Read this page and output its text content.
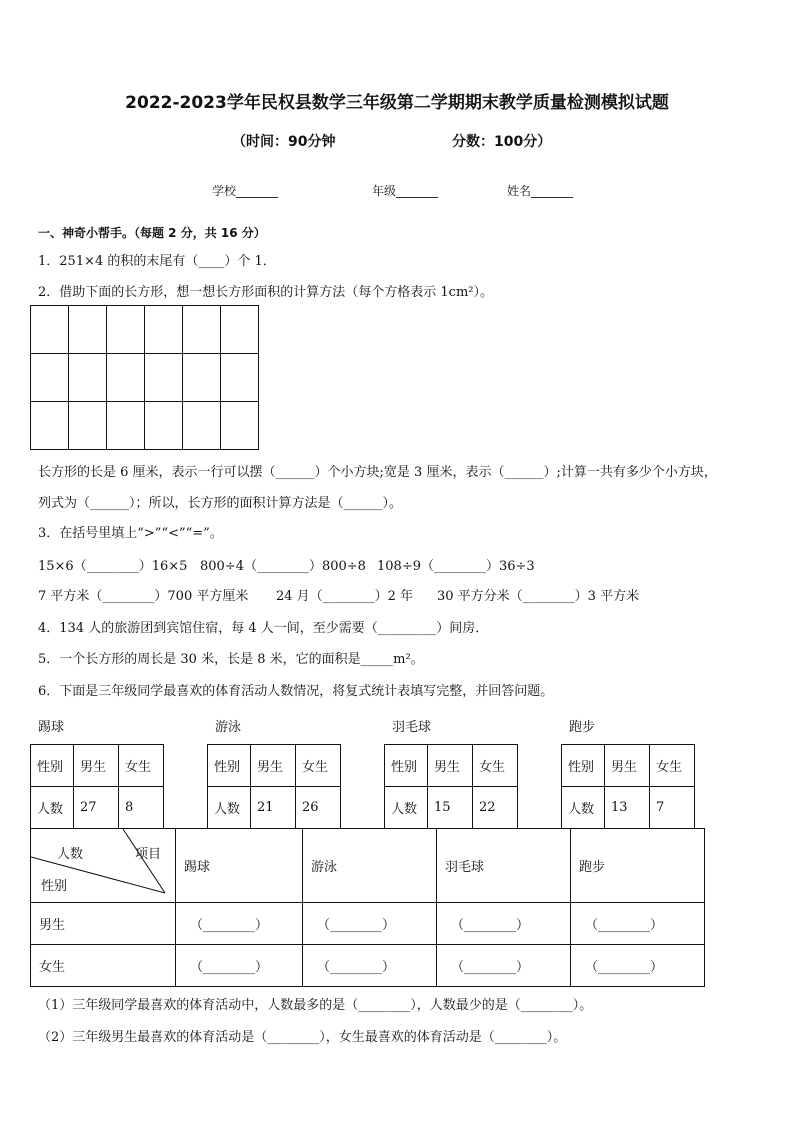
2022-2023学年民权县数学三年级第二学期期末教学质量检测模拟试题
（时间：90分钟	分数：100分）
学校_______	年级_______	姓名_______
一、神奇小帮手。（每题 2 分，共 16 分）
1．251×4 的积的末尾有（____）个 1．
2．借助下面的长方形，想一想长方形面积的计算方法（每个方格表示 1cm²）。

长方形的长是 6 厘米，表示一行可以摆（______）个小方块;宽是 3 厘米，表示（______）;计算一共有多少个小方块，
列式为（______）；所以，长方形的面积计算方法是（______）。
3．在括号里填上“>”“<”“=”。
15×6（________）16×5 800÷4（________）800÷8 108÷9（________）36÷3
7 平方米（________）700 平方厘米 24 月（________）2 年 30 平方分米（________）3 平方米
4．134 人的旅游团到宾馆住宿，每 4 人一间，至少需要（_________）间房．
5．一个长方形的周长是 30 米，长是 8 米，它的面积是_____m²。
6．下面是三年级同学最喜欢的体育活动人数情况，将复式统计表填写完整，并回答问题。
踢球	游泳	羽毛球	跑步
性别	男生	女生
人数	27	8
性别	男生	女生
人数	21	26
性别	男生	女生
人数	15	22
性别	男生	女生
人数	13	7
人数 项目
性别	踢球	游泳	羽毛球	跑步
男生	（________）	（________）	（________）	（________）
女生	（________）	（________）	（________）	（________）
（1）三年级同学最喜欢的体育活动中，人数最多的是（________），人数最少的是（________）。
（2）三年级男生最喜欢的体育活动是（________），女生最喜欢的体育活动是（________）。
